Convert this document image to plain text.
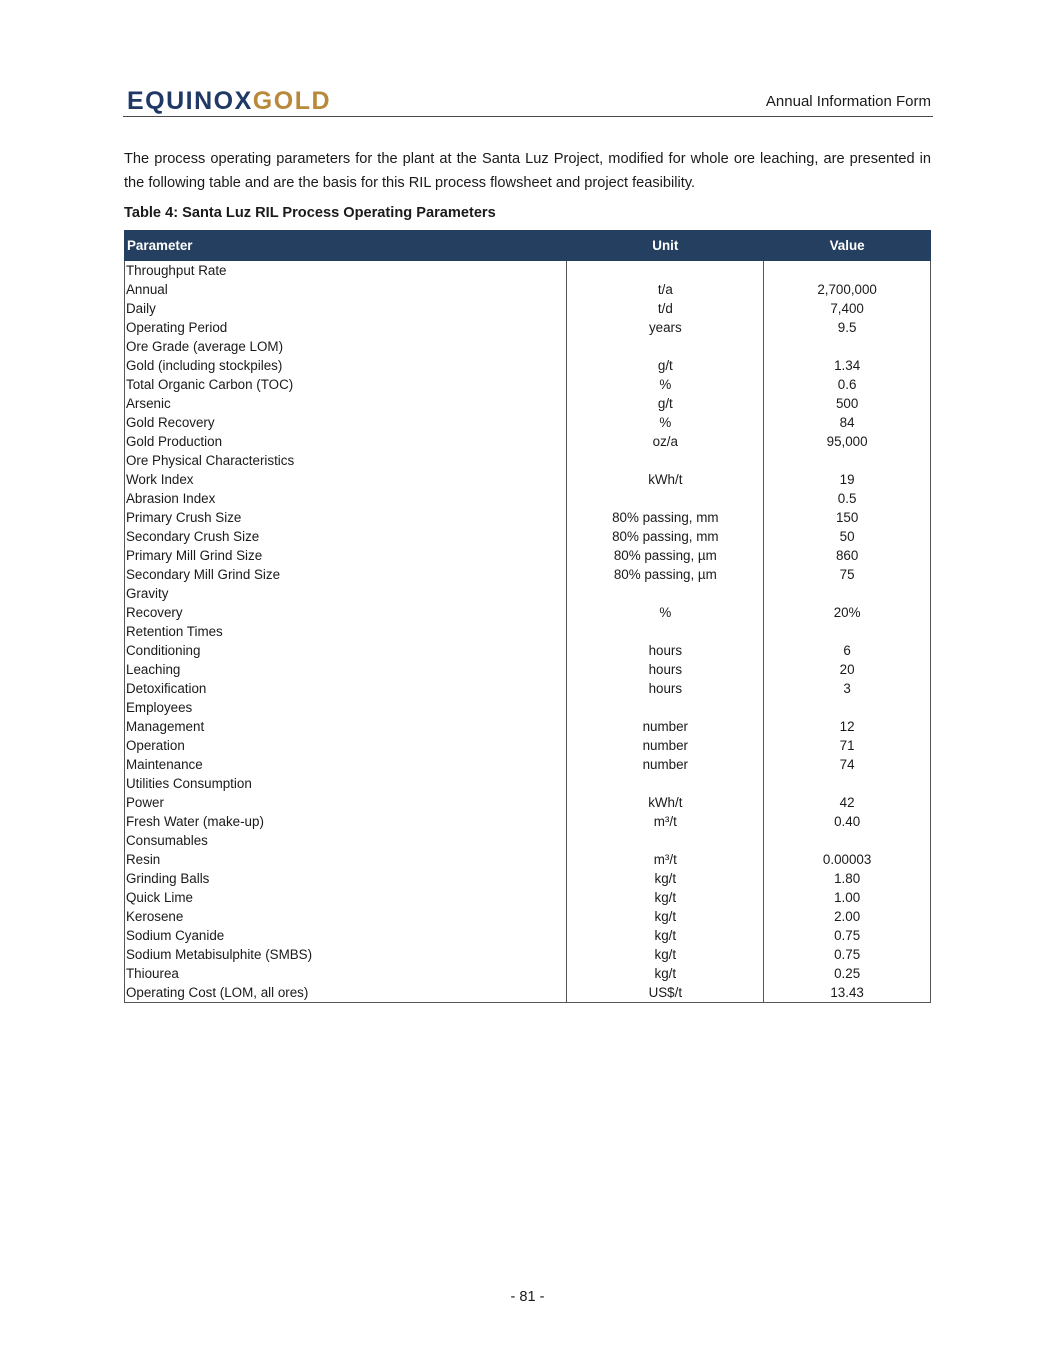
EQUINOXGOLD	Annual Information Form

The process operating parameters for the plant at the Santa Luz Project, modified for whole ore leaching, are presented in the following table and are the basis for this RIL process flowsheet and project feasibility.

Table 4: Santa Luz RIL Process Operating Parameters
Parameter	Unit	Value
Throughput Rate		
Annual	t/a	2,700,000
Daily	t/d	7,400
Operating Period	years	9.5
Ore Grade (average LOM)		
Gold (including stockpiles)	g/t	1.34
Total Organic Carbon (TOC)	%	0.6
Arsenic	g/t	500
Gold Recovery	%	84
Gold Production	oz/a	95,000
Ore Physical Characteristics		
Work Index	kWh/t	19
Abrasion Index		0.5
Primary Crush Size	80% passing, mm	150
Secondary Crush Size	80% passing, mm	50
Primary Mill Grind Size	80% passing, µm	860
Secondary Mill Grind Size	80% passing, µm	75
Gravity		
Recovery	%	20%
Retention Times		
Conditioning	hours	6
Leaching	hours	20
Detoxification	hours	3
Employees		
Management	number	12
Operation	number	71
Maintenance	number	74
Utilities Consumption		
Power	kWh/t	42
Fresh Water (make-up)	m³/t	0.40
Consumables		
Resin	m³/t	0.00003
Grinding Balls	kg/t	1.80
Quick Lime	kg/t	1.00
Kerosene	kg/t	2.00
Sodium Cyanide	kg/t	0.75
Sodium Metabisulphite (SMBS)	kg/t	0.75
Thiourea	kg/t	0.25
Operating Cost (LOM, all ores)	US$/t	13.43
- 81 -
